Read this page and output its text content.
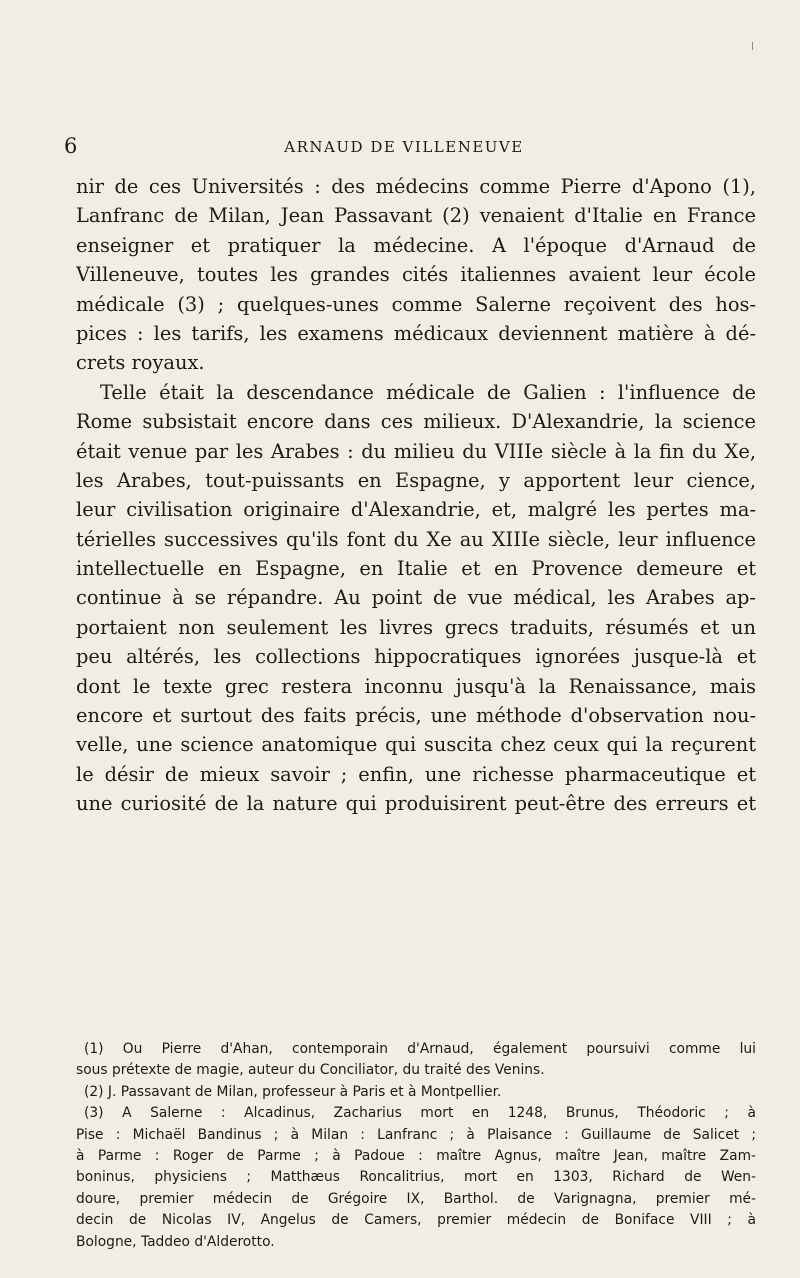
6	ARNAUD DE VILLENEUVE
nir de ces Universités : des médecins comme Pierre d'Apono (1),
Lanfranc de Milan, Jean Passavant (2) venaient d'Italie en France
enseigner et pratiquer la médecine. A l'époque d'Arnaud de
Villeneuve, toutes les grandes cités italiennes avaient leur école
médicale (3) ; quelques-unes comme Salerne reçoivent des hos-
pices : les tarifs, les examens médicaux deviennent matière à dé-
crets royaux.
Telle était la descendance médicale de Galien : l'influence de
Rome subsistait encore dans ces milieux. D'Alexandrie, la science
était venue par les Arabes : du milieu du VIIIe siècle à la fin du Xe,
les Arabes, tout-puissants en Espagne, y apportent leur cience,
leur civilisation originaire d'Alexandrie, et, malgré les pertes ma-
térielles successives qu'ils font du Xe au XIIIe siècle, leur influence
intellectuelle en Espagne, en Italie et en Provence demeure et
continue à se répandre. Au point de vue médical, les Arabes ap-
portaient non seulement les livres grecs traduits, résumés et un
peu altérés, les collections hippocratiques ignorées jusque-là et
dont le texte grec restera inconnu jusqu'à la Renaissance, mais
encore et surtout des faits précis, une méthode d'observation nou-
velle, une science anatomique qui suscita chez ceux qui la reçurent
le désir de mieux savoir ; enfin, une richesse pharmaceutique et
une curiosité de la nature qui produisirent peut-être des erreurs et
(1) Ou Pierre d'Ahan, contemporain d'Arnaud, également poursuivi comme lui
sous prétexte de magie, auteur du Conciliator, du traité des Venins.
(2) J. Passavant de Milan, professeur à Paris et à Montpellier.
(3) A Salerne : Alcadinus, Zacharius mort en 1248, Brunus, Théodoric ; à
Pise : Michaël Bandinus ; à Milan : Lanfranc ; à Plaisance : Guillaume de Salicet ;
à Parme : Roger de Parme ; à Padoue : maître Agnus, maître Jean, maître Zam-
boninus, physiciens ; Matthæus Roncalitrius, mort en 1303, Richard de Wen-
doure, premier médecin de Grégoire IX, Barthol. de Varignagna, premier mé-
decin de Nicolas IV, Angelus de Camers, premier médecin de Boniface VIII ; à
Bologne, Taddeo d'Alderotto.
